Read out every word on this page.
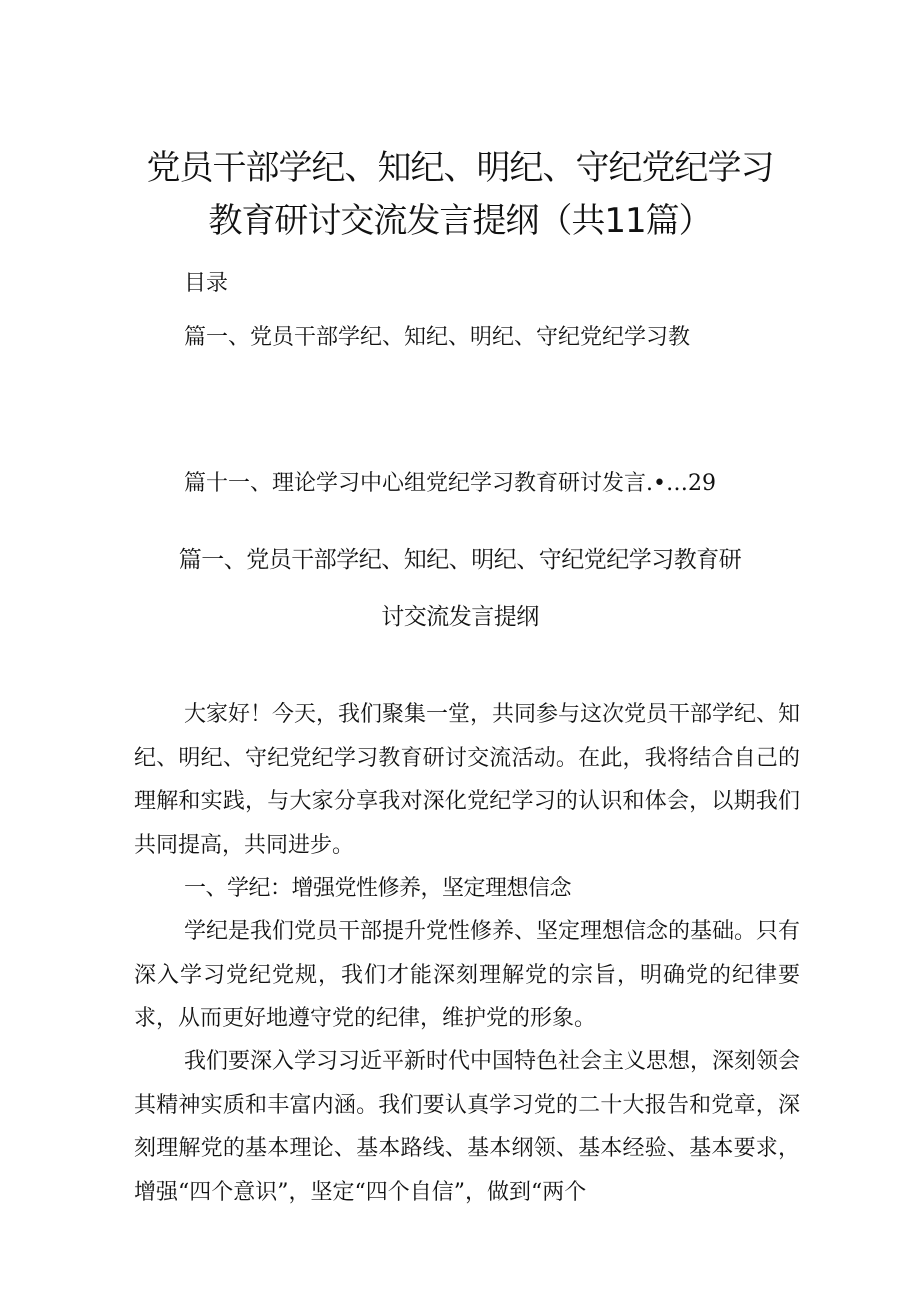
党员干部学纪、知纪、明纪、守纪党纪学习
教育研讨交流发言提纲（共11篇）
目录
篇一、党员干部学纪、知纪、明纪、守纪党纪学习教
篇十一、理论学习中心组党纪学习教育研讨发言.•…29
篇一、党员干部学纪、知纪、明纪、守纪党纪学习教育研
讨交流发言提纲

大家好！今天，我们聚集一堂，共同参与这次党员干部学纪、知纪、明纪、守纪党纪学习教育研讨交流活动。在此，我将结合自己的理解和实践，与大家分享我对深化党纪学习的认识和体会，以期我们共同提高，共同进步。

一、学纪：增强党性修养，坚定理想信念

学纪是我们党员干部提升党性修养、坚定理想信念的基础。只有深入学习党纪党规，我们才能深刻理解党的宗旨，明确党的纪律要求，从而更好地遵守党的纪律，维护党的形象。

我们要深入学习习近平新时代中国特色社会主义思想，深刻领会其精神实质和丰富内涵。我们要认真学习党的二十大报告和党章，深刻理解党的基本理论、基本路线、基本纲领、基本经验、基本要求，增强“四个意识”，坚定“四个自信”，做到“两个
